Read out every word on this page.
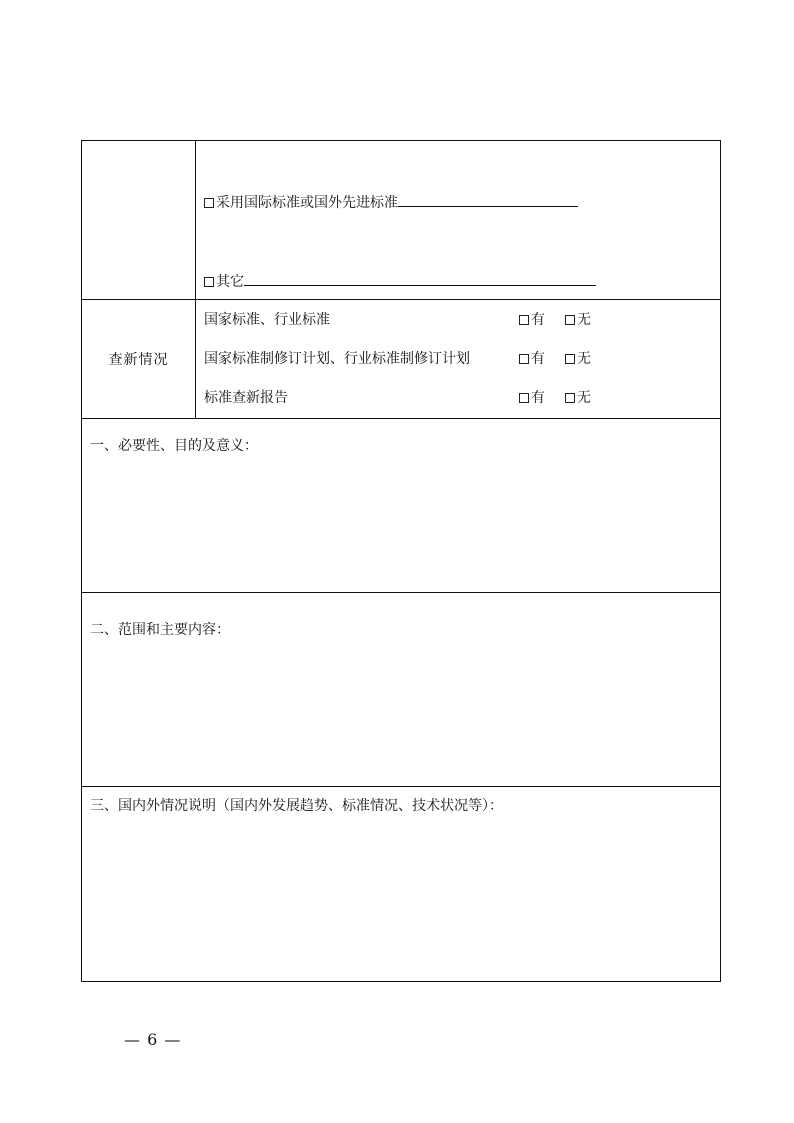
采用国际标准或国外先进标准
其它
查新情况
国家标准、行业标准	有	无
国家标准制修订计划、行业标准制修订计划	有	无
标准查新报告	有	无
一、必要性、目的及意义：
二、范围和主要内容：
三、国内外情况说明（国内外发展趋势、标准情况、技术状况等）：
— 6 —
